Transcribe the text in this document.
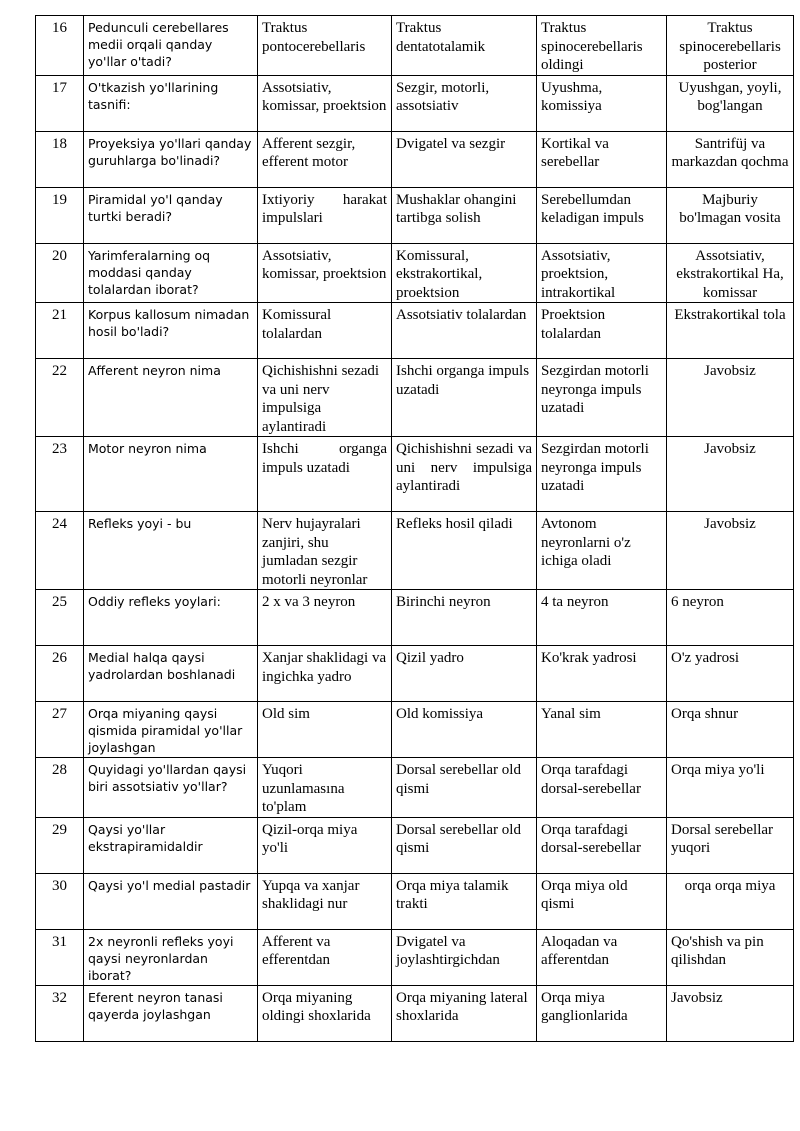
16	Pedunculi cerebellares medii orqali qanday yo'llar o'tadi?	Traktus pontocerebellaris	Traktus dentatotalamik	Traktus spinocerebellaris oldingi	Traktus spinocerebellaris posterior
17	O'tkazish yo'llarining tasnifi:	Assotsiativ, komissar, proektsion	Sezgir, motorli, assotsiativ	Uyushma, komissiya	Uyushgan, yoyli, bog'langan
18	Proyeksiya yo'llari qanday guruhlarga bo'linadi?	Afferent sezgir, efferent motor	Dvigatel va sezgir	Kortikal va serebellar	Santrifüj va markazdan qochma
19	Piramidal yo'l qanday turtki beradi?	Ixtiyoriy harakat impulslari	Mushaklar ohangini tartibga solish	Serebellumdan keladigan impuls	Majburiy bo'lmagan vosita
20	Yarimferalarning oq moddasi qanday tolalardan iborat?	Assotsiativ, komissar, proektsion	Komissural, ekstrakortikal, proektsion	Assotsiativ, proektsion, intrakortikal	Assotsiativ, ekstrakortikal Ha, komissar
21	Korpus kallosum nimadan hosil bo'ladi?	Komissural tolalardan	Assotsiativ tolalardan	Proektsion tolalardan	Ekstrakortikal tola
22	Afferent neyron nima	Qichishishni sezadi va uni nerv impulsiga aylantiradi	Ishchi organga impuls uzatadi	Sezgirdan motorli neyronga impuls uzatadi	Javobsiz
23	Motor neyron nima	Ishchi organga impuls uzatadi	Qichishishni sezadi va uni nerv impulsiga aylantiradi	Sezgirdan motorli neyronga impuls uzatadi	Javobsiz
24	Refleks yoyi - bu	Nerv hujayralari zanjiri, shu jumladan sezgir motorli neyronlar	Refleks hosil qiladi	Avtonom neyronlarni o'z ichiga oladi	Javobsiz
25	Oddiy refleks yoylari:	2 x va 3 neyron	Birinchi neyron	4 ta neyron	6 neyron
26	Medial halqa qaysi yadrolardan boshlanadi	Xanjar shaklidagi va ingichka yadro	Qizil yadro	Ko'krak yadrosi	O'z yadrosi
27	Orqa miyaning qaysi qismida piramidal yo'llar joylashgan	Old sim	Old komissiya	Yanal sim	Orqa shnur
28	Quyidagi yo'llardan qaysi biri assotsiativ yo'llar?	Yuqori uzunlamasına to'plam	Dorsal serebellar old qismi	Orqa tarafdagi dorsal-serebellar	Orqa miya yo'li
29	Qaysi yo'llar ekstrapiramidaldir	Qizil-orqa miya yo'li	Dorsal serebellar old qismi	Orqa tarafdagi dorsal-serebellar	Dorsal serebellar yuqori
30	Qaysi yo'l medial pastadir	Yupqa va xanjar shaklidagi nur	Orqa miya talamik trakti	Orqa miya old qismi	orqa orqa miya
31	2x neyronli refleks yoyi qaysi neyronlardan iborat?	Afferent va efferentdan	Dvigatel va joylashtirgichdan	Aloqadan va afferentdan	Qo'shish va pin qilishdan
32	Eferent neyron tanasi qayerda joylashgan	Orqa miyaning oldingi shoxlarida	Orqa miyaning lateral shoxlarida	Orqa miya ganglionlarida	Javobsiz
